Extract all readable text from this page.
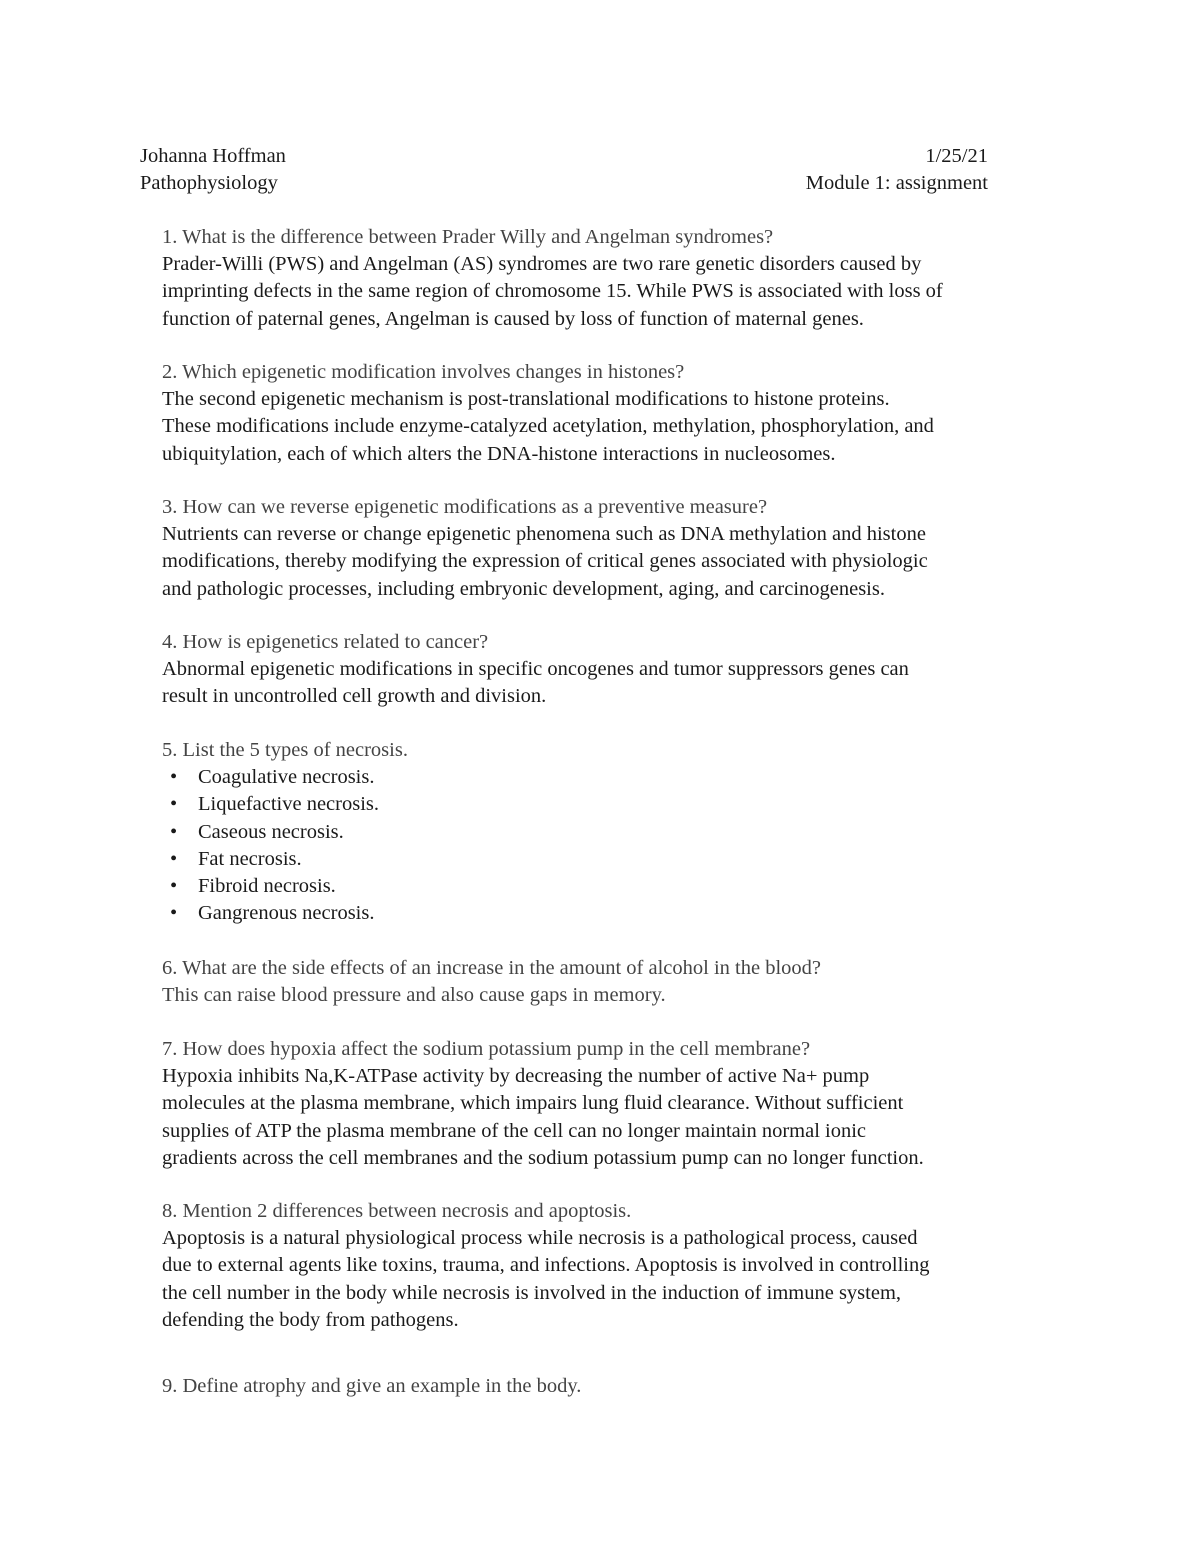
Johanna Hoffman	1/25/21
Pathophysiology	Module 1: assignment
1. What is the difference between Prader Willy and Angelman syndromes?
Prader-Willi (PWS) and Angelman (AS) syndromes are two rare genetic disorders caused by
imprinting defects in the same region of chromosome 15. While PWS is associated with loss of
function of paternal genes, Angelman is caused by loss of function of maternal genes.
2. Which epigenetic modification involves changes in histones?
The second epigenetic mechanism is post-translational modifications to histone proteins.
These modifications include enzyme-catalyzed acetylation, methylation, phosphorylation, and
ubiquitylation, each of which alters the DNA-histone interactions in nucleosomes.
3. How can we reverse epigenetic modifications as a preventive measure?
Nutrients can reverse or change epigenetic phenomena such as DNA methylation and histone
modifications, thereby modifying the expression of critical genes associated with physiologic
and pathologic processes, including embryonic development, aging, and carcinogenesis.
4. How is epigenetics related to cancer?
Abnormal epigenetic modifications in specific oncogenes and tumor suppressors genes can
result in uncontrolled cell growth and division.
5. List the 5 types of necrosis.
• Coagulative necrosis.
• Liquefactive necrosis.
• Caseous necrosis.
• Fat necrosis.
• Fibroid necrosis.
• Gangrenous necrosis.
6. What are the side effects of an increase in the amount of alcohol in the blood?
This can raise blood pressure and also cause gaps in memory.
7. How does hypoxia affect the sodium potassium pump in the cell membrane?
Hypoxia inhibits Na,K-ATPase activity by decreasing the number of active Na+ pump
molecules at the plasma membrane, which impairs lung fluid clearance. Without sufficient
supplies of ATP the plasma membrane of the cell can no longer maintain normal ionic
gradients across the cell membranes and the sodium potassium pump can no longer function.
8. Mention 2 differences between necrosis and apoptosis.
Apoptosis is a natural physiological process while necrosis is a pathological process, caused
due to external agents like toxins, trauma, and infections. Apoptosis is involved in controlling
the cell number in the body while necrosis is involved in the induction of immune system,
defending the body from pathogens.
9. Define atrophy and give an example in the body.
